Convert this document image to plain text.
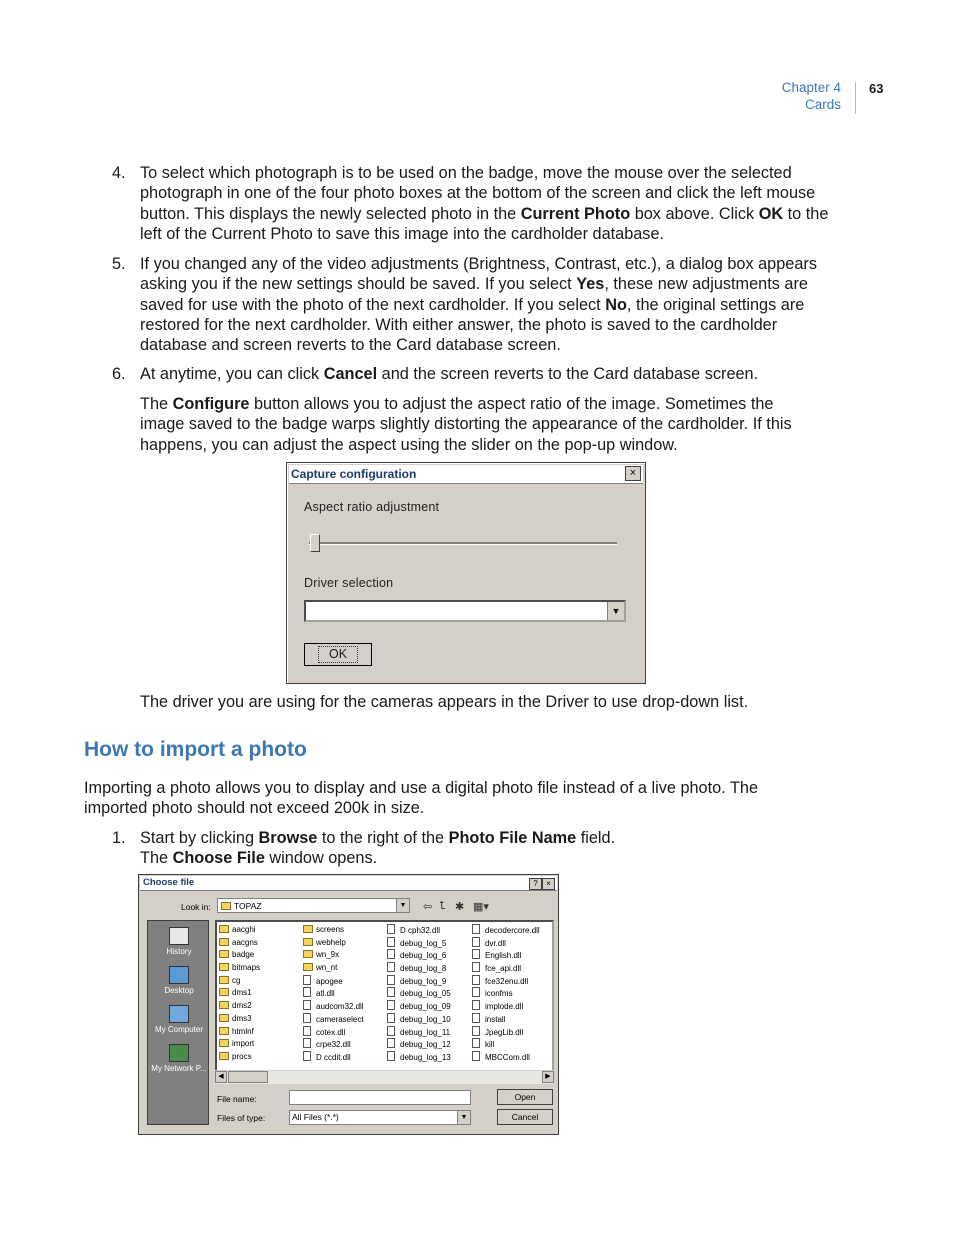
Chapter 4
Cards
63
4. To select which photograph is to be used on the badge, move the mouse over the selected photograph in one of the four photo boxes at the bottom of the screen and click the left mouse button. This displays the newly selected photo in the Current Photo box above. Click OK to the left of the Current Photo to save this image into the cardholder database.
5. If you changed any of the video adjustments (Brightness, Contrast, etc.), a dialog box appears asking you if the new settings should be saved. If you select Yes, these new adjustments are saved for use with the photo of the next cardholder. If you select No, the original settings are restored for the next cardholder. With either answer, the photo is saved to the cardholder database and screen reverts to the Card database screen.
6. At anytime, you can click Cancel and the screen reverts to the Card database screen.
The Configure button allows you to adjust the aspect ratio of the image. Sometimes the image saved to the badge warps slightly distorting the appearance of the cardholder. If this happens, you can adjust the aspect using the slider on the pop-up window.
Capture configuration	×
Aspect ratio adjustment
Driver selection
▼
OK
The driver you are using for the cameras appears in the Driver to use drop-down list.
How to import a photo
Importing a photo allows you to display and use a digital photo file instead of a live photo. The imported photo should not exceed 200k in size.
1. Start by clicking Browse to the right of the Photo File Name field.
The Choose File window opens.
Choose file	?	×
Look in:	TOPAZ	▼ ⇦ ⮤ ✱ ▦▾
History
Desktop
My Computer
My Network P...
aacghi
aacgns
badge
bitmaps
cg
dms1
dms2
dms3
htmlnf
import
procs
screens
webhelp
wn_9x
wn_nt
apogee
atl.dll
audcom32.dll
cameraselect
cotex.dll
crpe32.dll
D ccdit.dll
D cph32.dll
debug_log_5
debug_log_6
debug_log_8
debug_log_9
debug_log_05
debug_log_09
debug_log_10
debug_log_11
debug_log_12
debug_log_13
decodercore.dll
dvr.dll
English.dll
fce_api.dll
fce32enu.dll
iconfms
implode.dll
install
JpegLib.dll
kill
MBCCom.dll
◀	▶
File name:
Files of type:	All Files (*.*)	▼
Open
Cancel
